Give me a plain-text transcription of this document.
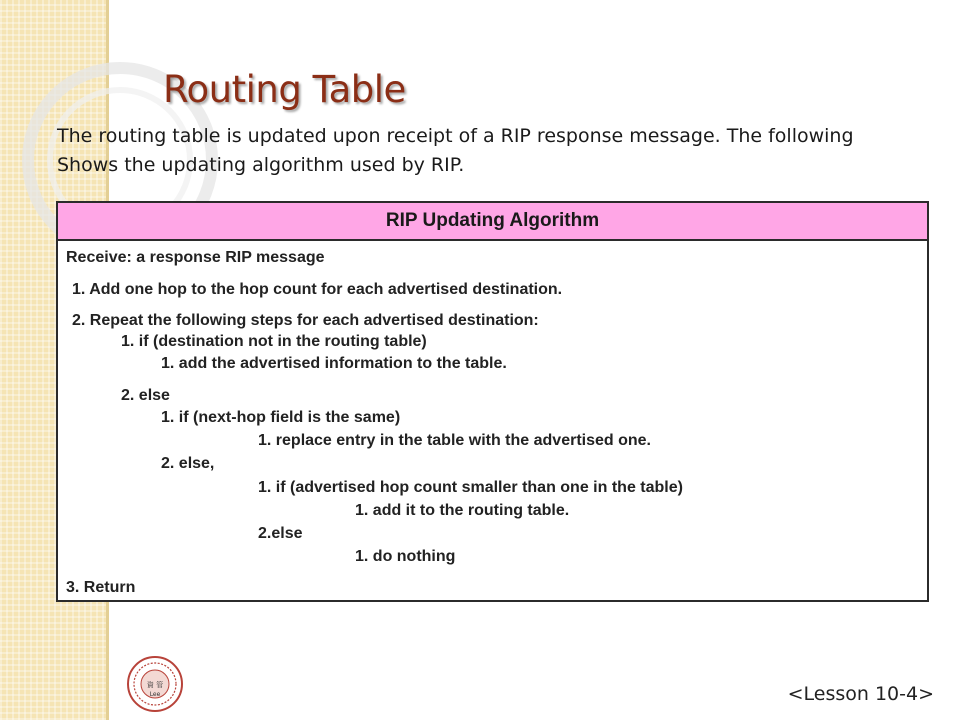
Routing Table
The routing table is updated upon receipt of a RIP response message. The following
Shows the updating algorithm used by RIP.
RIP Updating Algorithm
Receive: a response RIP message
1. Add one hop to the hop count for each advertised destination.
2. Repeat the following steps for each advertised destination:
1. if (destination not in the routing table)
1. add the advertised information to the table.
2. else
1. if (next-hop field is the same)
1. replace entry in the table with the advertised one.
2. else,
1. if (advertised hop count smaller than one in the table)
1. add it to the routing table.
2.else
1. do nothing
3. Return
資 管
Lee	<Lesson 10-4>
